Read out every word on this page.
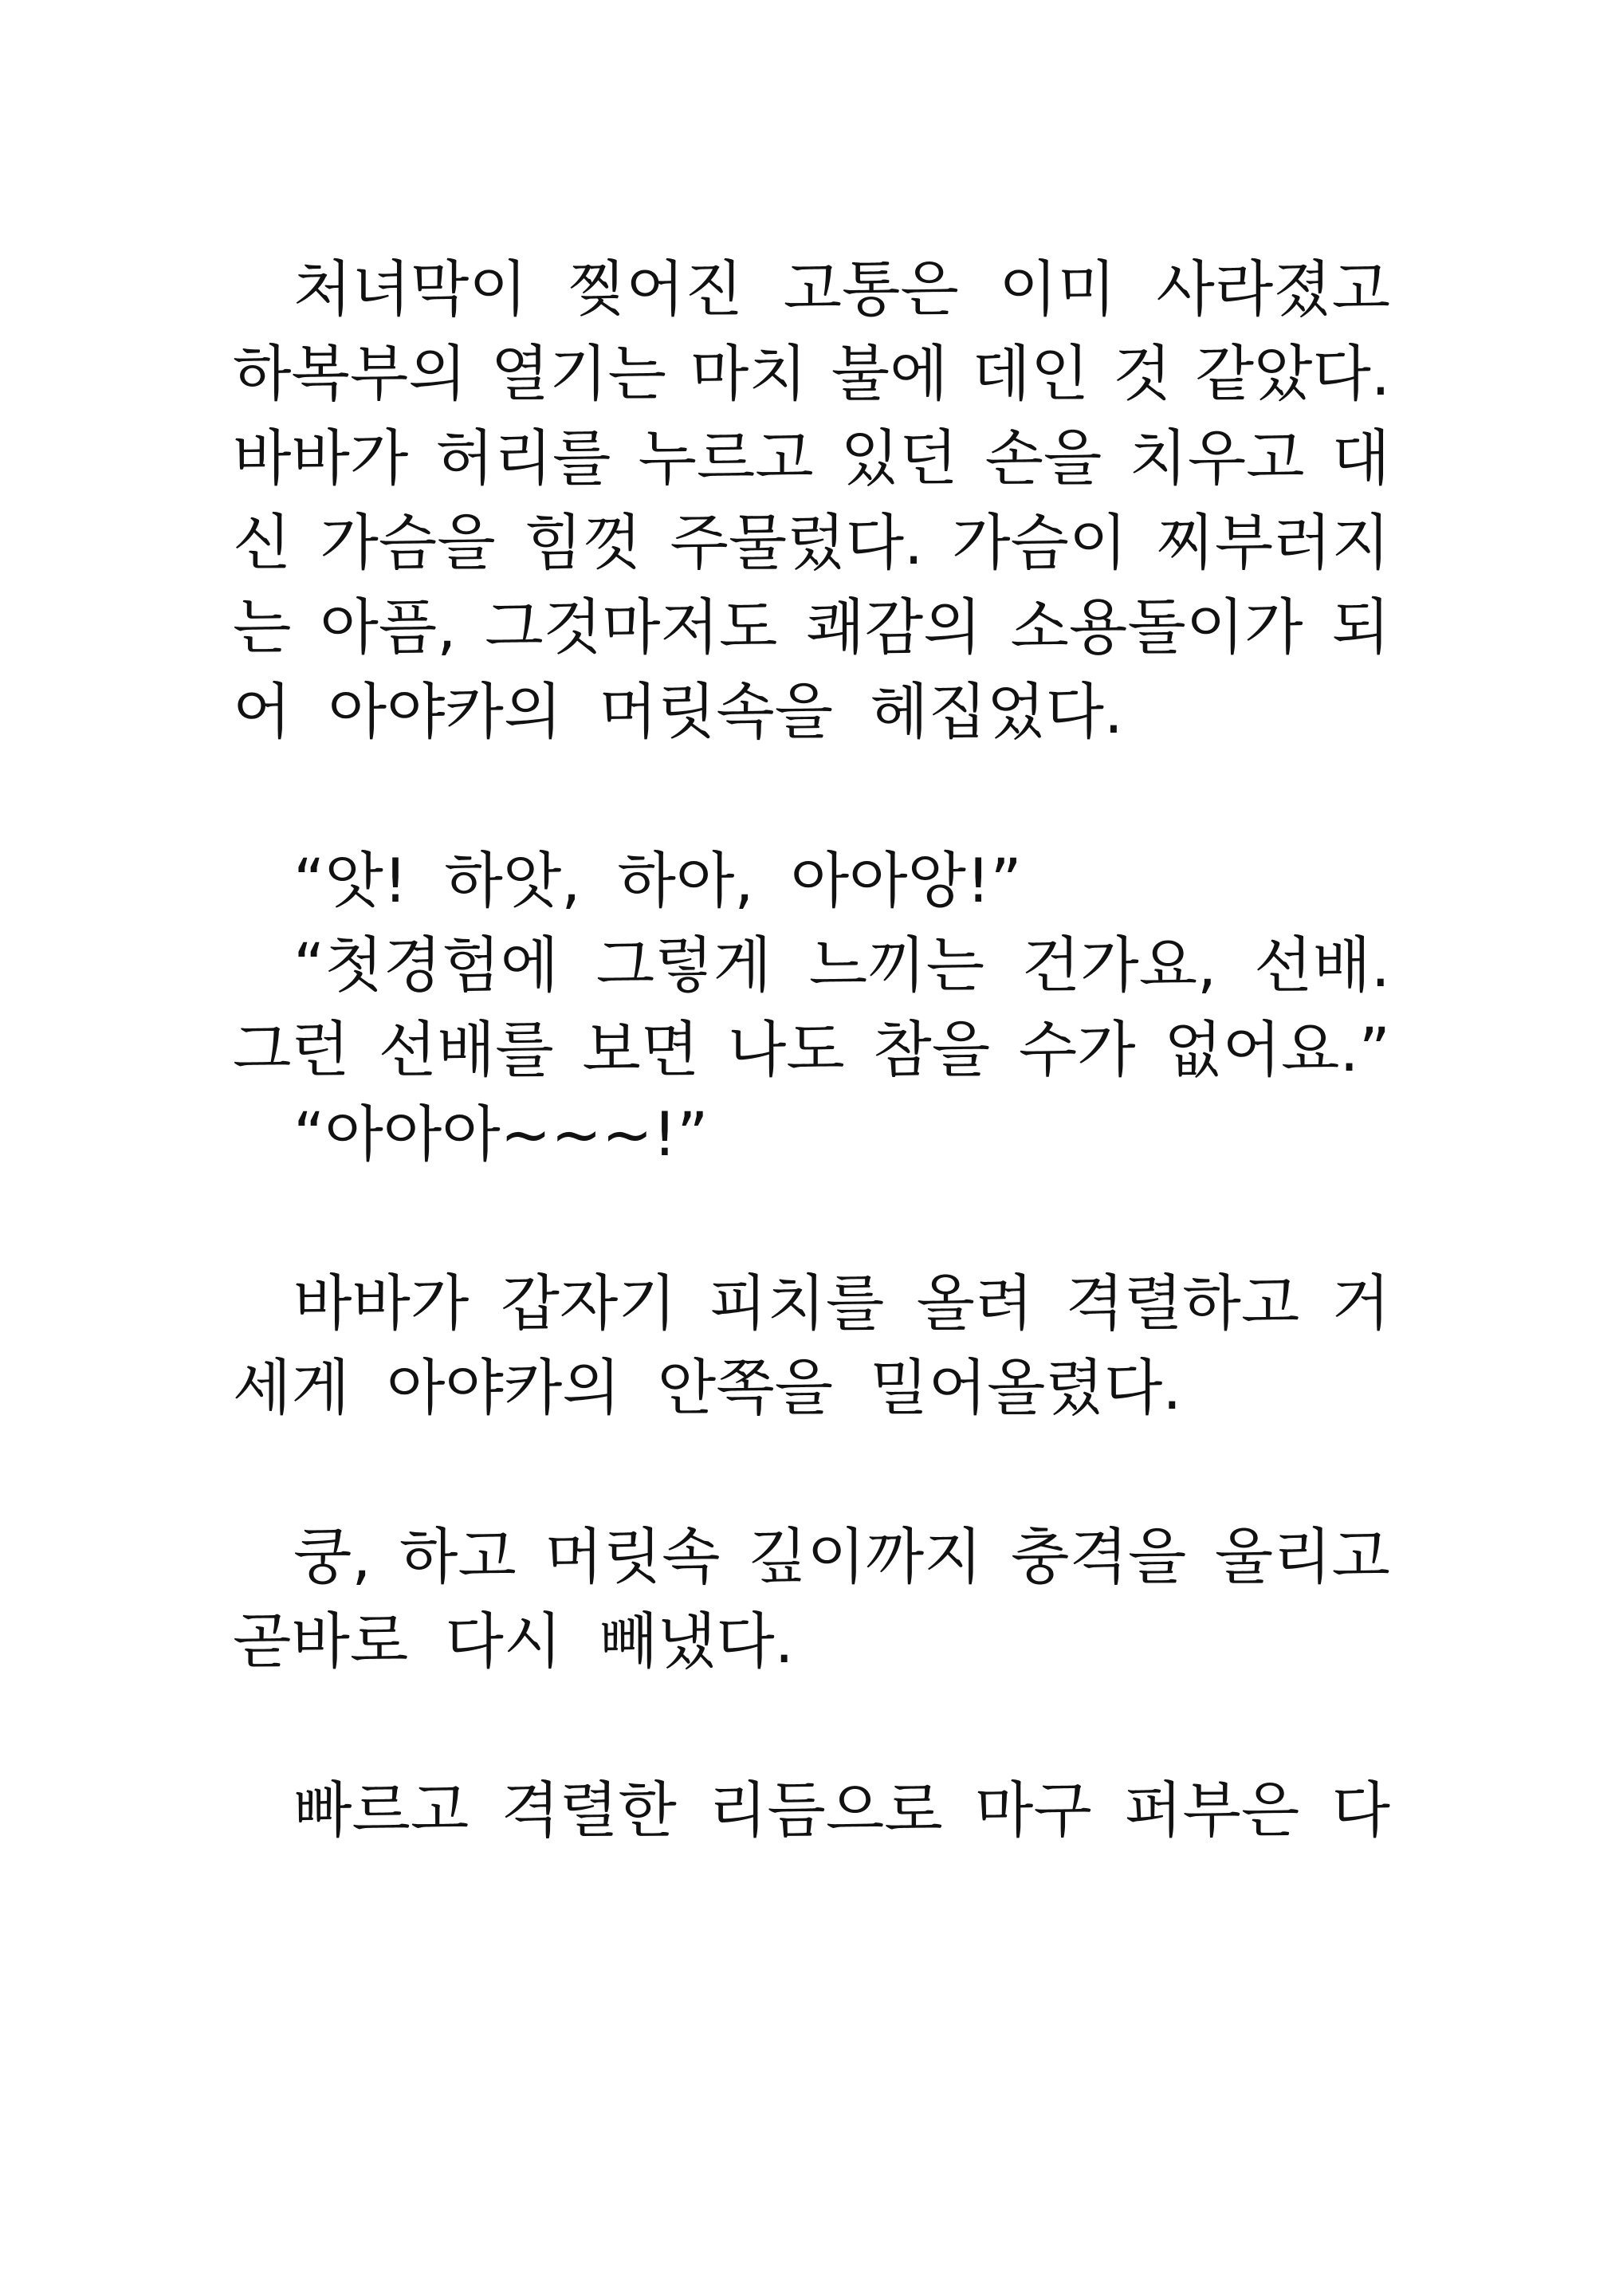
처녀막이 찢어진 고통은 이미 사라졌고
하복부의 열기는 마치 불에 데인 것 같았다.
바바가 허리를 누르고 있던 손을 치우고 대
신 가슴을 힘껏 주물렀다. 가슴이 찌부러지
는 아픔, 그것마저도 쾌감의 소용돌이가 되
어 아야카의 머릿속을 헤집었다.
“앗! 하앗, 하아, 아아앙!”
“첫경험에 그렇게 느끼는 건가요, 선배.
그런 선배를 보면 나도 참을 수가 없어요.”
“아아아~~~!”
바바가 갑자기 피치를 올려 격렬하고 거
세게 아야카의 안쪽을 밀어올렸다.
쿵, 하고 머릿속 깊이까지 충격을 울리고
곧바로 다시 빼냈다.
빠르고 격렬한 리듬으로 마구 퍼부은 다
